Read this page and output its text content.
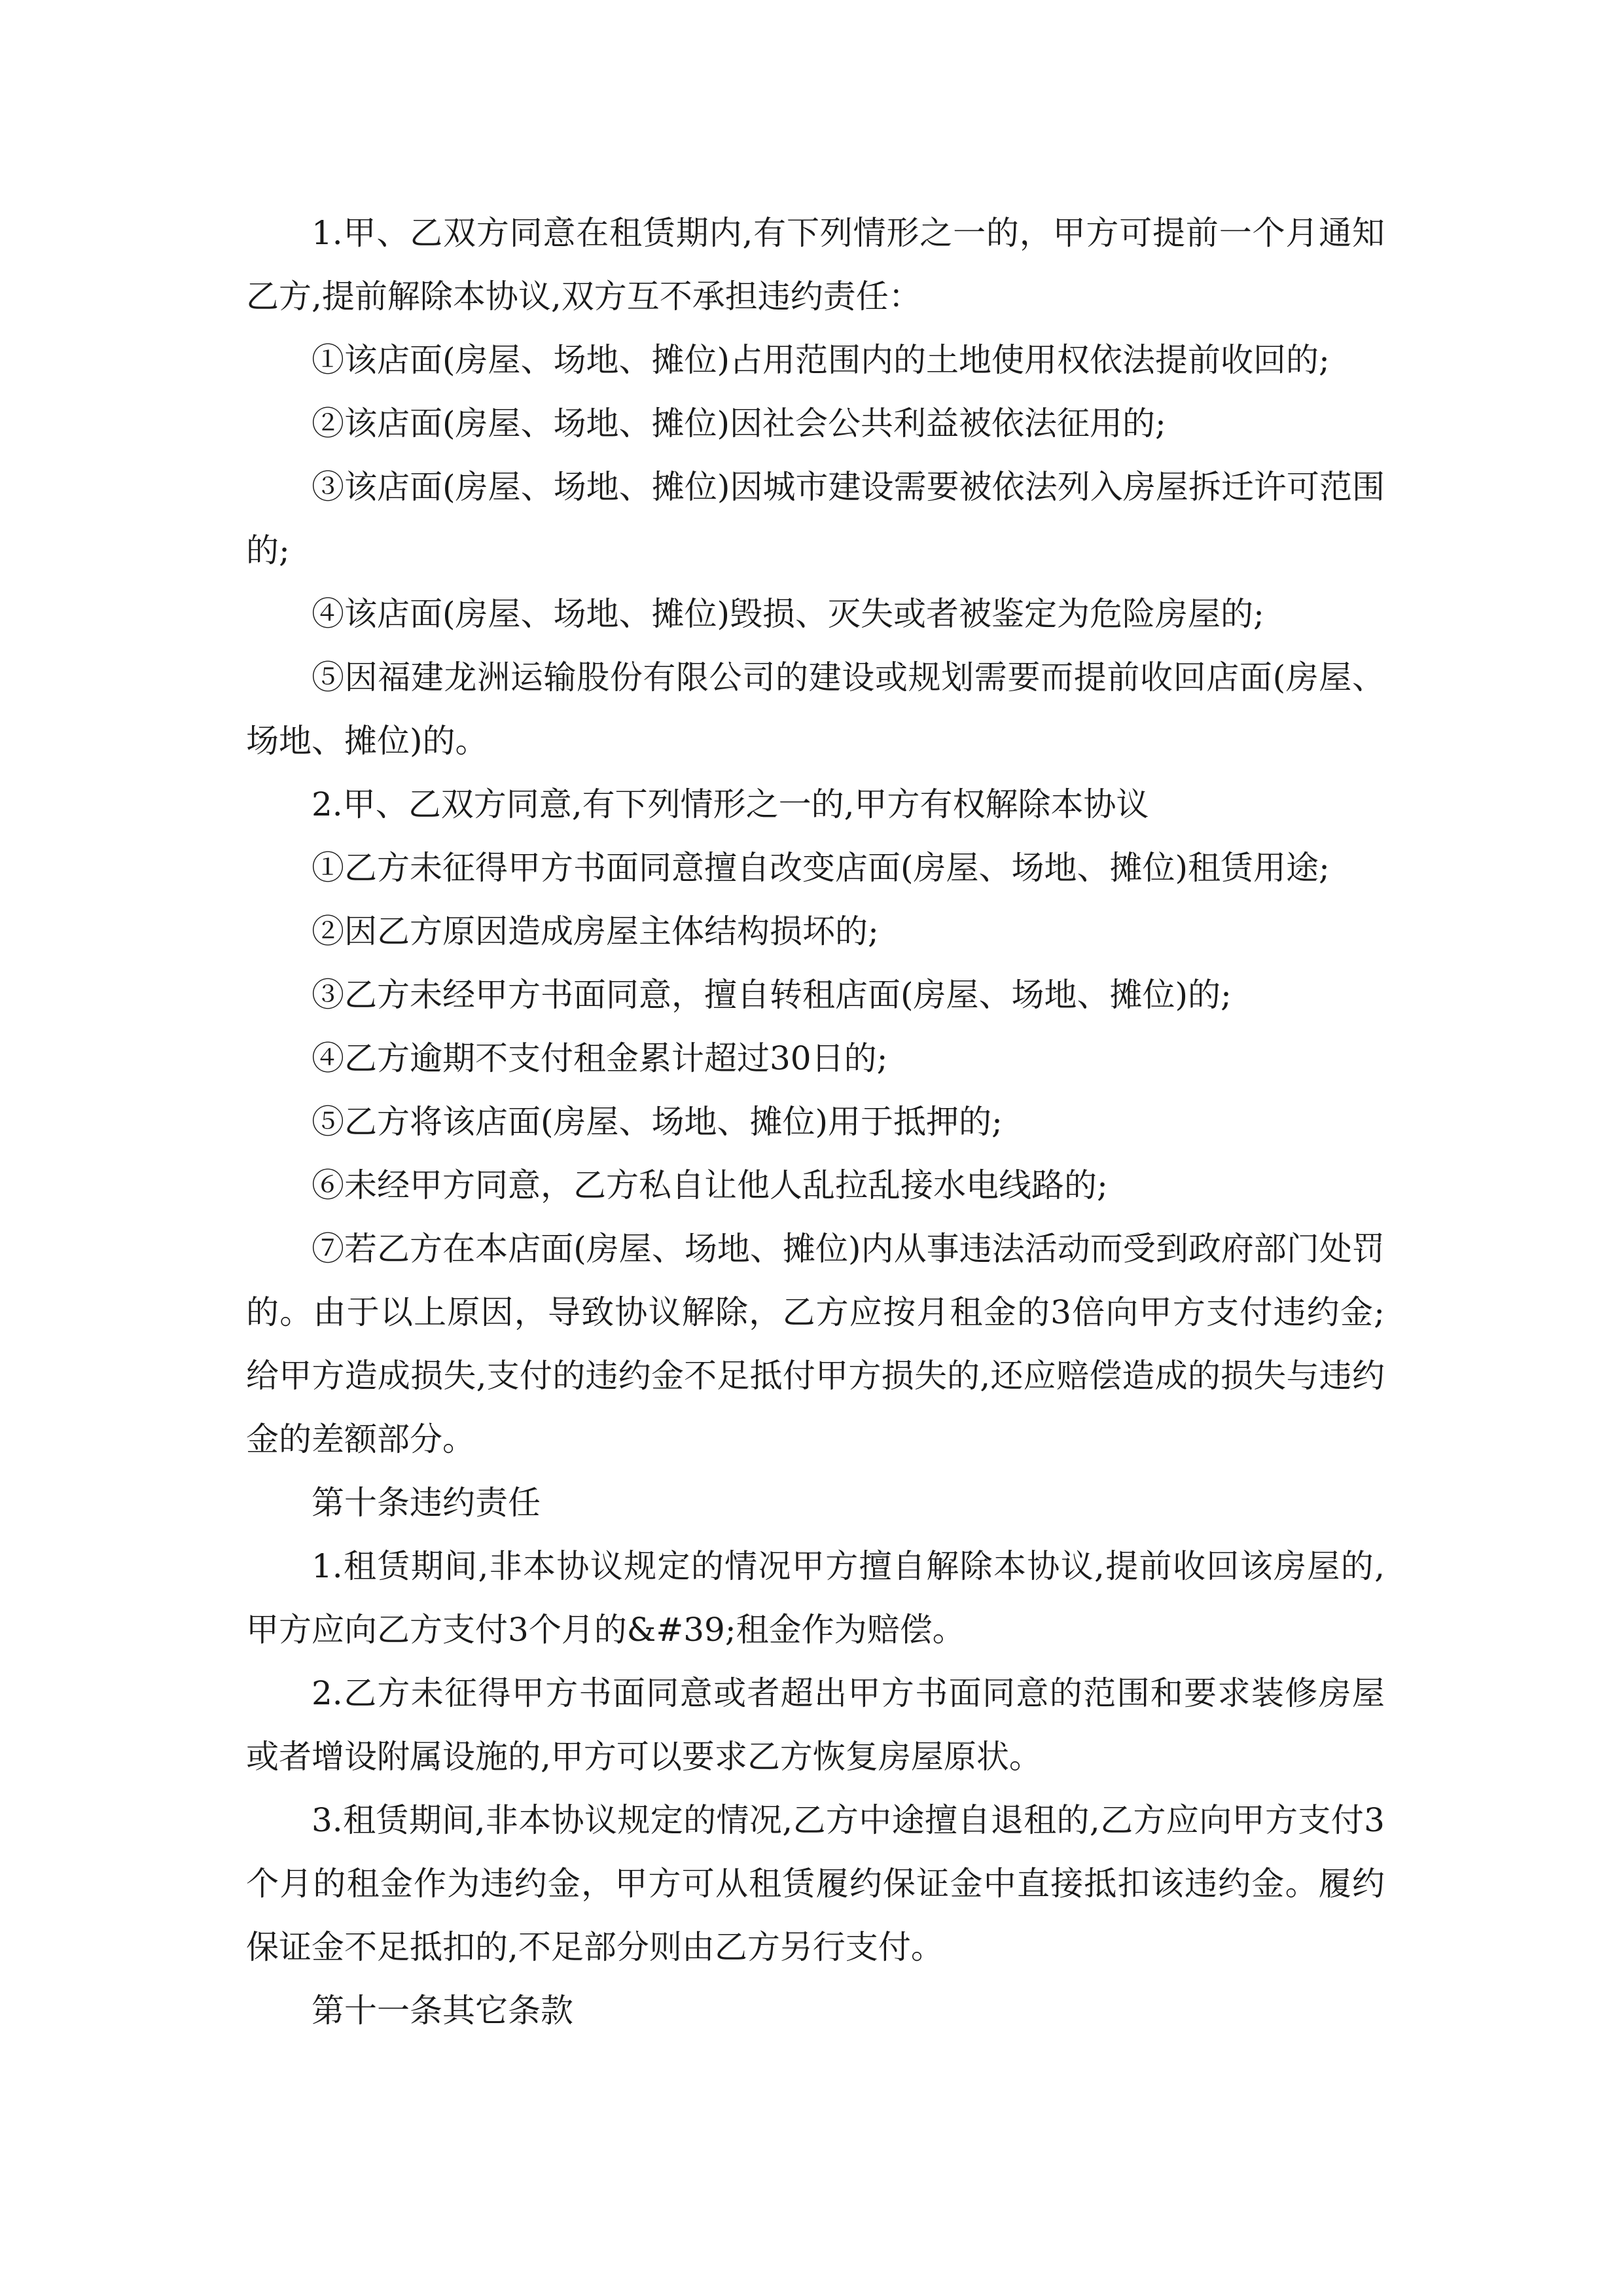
1.甲、乙双方同意在租赁期内,有下列情形之一的，甲方可提前一个月通知乙方,提前解除本协议,双方互不承担违约责任：

①该店面(房屋、场地、摊位)占用范围内的土地使用权依法提前收回的;

②该店面(房屋、场地、摊位)因社会公共利益被依法征用的;

③该店面(房屋、场地、摊位)因城市建设需要被依法列入房屋拆迁许可范围的;

④该店面(房屋、场地、摊位)毁损、灭失或者被鉴定为危险房屋的;

⑤因福建龙洲运输股份有限公司的建设或规划需要而提前收回店面(房屋、场地、摊位)的。

2.甲、乙双方同意,有下列情形之一的,甲方有权解除本协议

①乙方未征得甲方书面同意擅自改变店面(房屋、场地、摊位)租赁用途;

②因乙方原因造成房屋主体结构损坏的;

③乙方未经甲方书面同意，擅自转租店面(房屋、场地、摊位)的;

④乙方逾期不支付租金累计超过30日的;

⑤乙方将该店面(房屋、场地、摊位)用于抵押的;

⑥未经甲方同意，乙方私自让他人乱拉乱接水电线路的;

⑦若乙方在本店面(房屋、场地、摊位)内从事违法活动而受到政府部门处罚的。由于以上原因，导致协议解除，乙方应按月租金的3倍向甲方支付违约金;给甲方造成损失,支付的违约金不足抵付甲方损失的,还应赔偿造成的损失与违约金的差额部分。

第十条违约责任

1.租赁期间,非本协议规定的情况甲方擅自解除本协议,提前收回该房屋的,甲方应向乙方支付3个月的&#39;租金作为赔偿。

2.乙方未征得甲方书面同意或者超出甲方书面同意的范围和要求装修房屋或者增设附属设施的,甲方可以要求乙方恢复房屋原状。

3.租赁期间,非本协议规定的情况,乙方中途擅自退租的,乙方应向甲方支付3个月的租金作为违约金，甲方可从租赁履约保证金中直接抵扣该违约金。履约保证金不足抵扣的,不足部分则由乙方另行支付。

第十一条其它条款
